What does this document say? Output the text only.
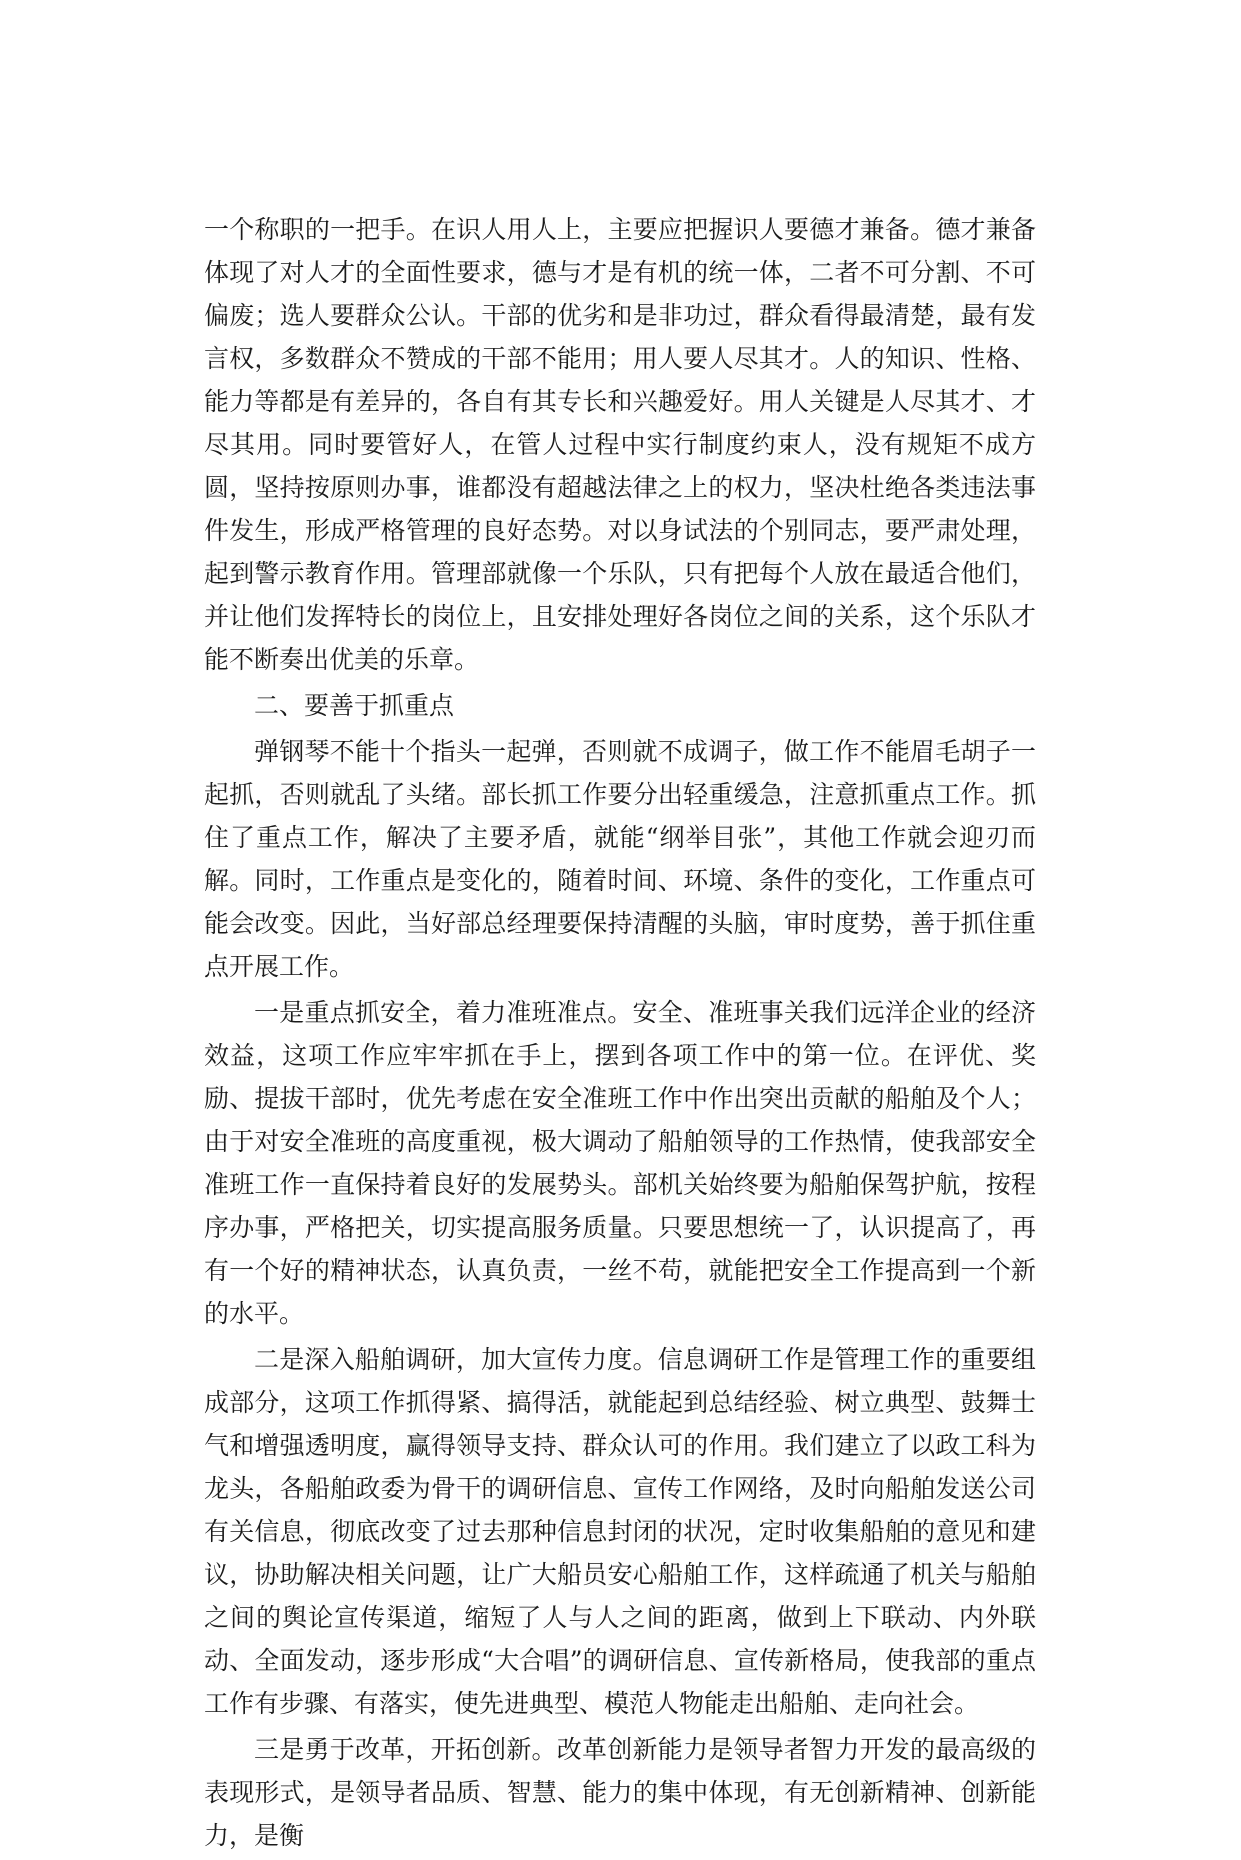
一个称职的一把手。在识人用人上，主要应把握识人要德才兼备。德才兼备体现了对人才的全面性要求，德与才是有机的统一体，二者不可分割、不可偏废；选人要群众公认。干部的优劣和是非功过，群众看得最清楚，最有发言权，多数群众不赞成的干部不能用；用人要人尽其才。人的知识、性格、能力等都是有差异的，各自有其专长和兴趣爱好。用人关键是人尽其才、才尽其用。同时要管好人，在管人过程中实行制度约束人，没有规矩不成方圆，坚持按原则办事，谁都没有超越法律之上的权力，坚决杜绝各类违法事件发生，形成严格管理的良好态势。对以身试法的个别同志，要严肃处理，起到警示教育作用。管理部就像一个乐队，只有把每个人放在最适合他们，并让他们发挥特长的岗位上，且安排处理好各岗位之间的关系，这个乐队才能不断奏出优美的乐章。

二、要善于抓重点

弹钢琴不能十个指头一起弹，否则就不成调子，做工作不能眉毛胡子一起抓，否则就乱了头绪。部长抓工作要分出轻重缓急，注意抓重点工作。抓住了重点工作，解决了主要矛盾，就能“纲举目张”，其他工作就会迎刃而解。同时，工作重点是变化的，随着时间、环境、条件的变化，工作重点可能会改变。因此，当好部总经理要保持清醒的头脑，审时度势，善于抓住重点开展工作。

一是重点抓安全，着力准班准点。安全、准班事关我们远洋企业的经济效益，这项工作应牢牢抓在手上，摆到各项工作中的第一位。在评优、奖励、提拔干部时，优先考虑在安全准班工作中作出突出贡献的船舶及个人；由于对安全准班的高度重视，极大调动了船舶领导的工作热情，使我部安全准班工作一直保持着良好的发展势头。部机关始终要为船舶保驾护航，按程序办事，严格把关，切实提高服务质量。只要思想统一了，认识提高了，再有一个好的精神状态，认真负责，一丝不苟，就能把安全工作提高到一个新的水平。

二是深入船舶调研，加大宣传力度。信息调研工作是管理工作的重要组成部分，这项工作抓得紧、搞得活，就能起到总结经验、树立典型、鼓舞士气和增强透明度，赢得领导支持、群众认可的作用。我们建立了以政工科为龙头，各船舶政委为骨干的调研信息、宣传工作网络，及时向船舶发送公司有关信息，彻底改变了过去那种信息封闭的状况，定时收集船舶的意见和建议，协助解决相关问题，让广大船员安心船舶工作，这样疏通了机关与船舶之间的舆论宣传渠道，缩短了人与人之间的距离，做到上下联动、内外联动、全面发动，逐步形成“大合唱”的调研信息、宣传新格局，使我部的重点工作有步骤、有落实，使先进典型、模范人物能走出船舶、走向社会。

三是勇于改革，开拓创新。改革创新能力是领导者智力开发的最高级的表现形式，是领导者品质、智慧、能力的集中体现，有无创新精神、创新能力，是衡
